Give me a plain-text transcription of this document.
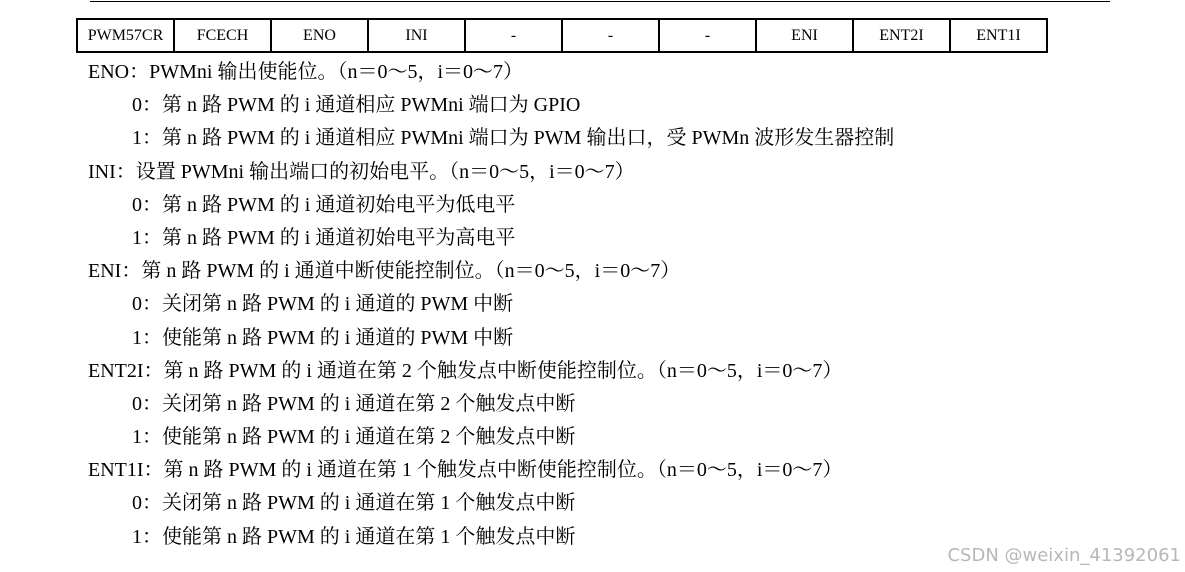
PWM57CR	FCECH	ENO	INI	-	-	-	ENI	ENT2I	ENT1I
ENO：PWMni 输出使能位。（n＝0～5，i＝0～7）
0：第 n 路 PWM 的 i 通道相应 PWMni 端口为 GPIO
1：第 n 路 PWM 的 i 通道相应 PWMni 端口为 PWM 输出口，受 PWMn 波形发生器控制
INI：设置 PWMni 输出端口的初始电平。（n＝0～5，i＝0～7）
0：第 n 路 PWM 的 i 通道初始电平为低电平
1：第 n 路 PWM 的 i 通道初始电平为高电平
ENI：第 n 路 PWM 的 i 通道中断使能控制位。（n＝0～5，i＝0～7）
0：关闭第 n 路 PWM 的 i 通道的 PWM 中断
1：使能第 n 路 PWM 的 i 通道的 PWM 中断
ENT2I：第 n 路 PWM 的 i 通道在第 2 个触发点中断使能控制位。（n＝0～5，i＝0～7）
0：关闭第 n 路 PWM 的 i 通道在第 2 个触发点中断
1：使能第 n 路 PWM 的 i 通道在第 2 个触发点中断
ENT1I：第 n 路 PWM 的 i 通道在第 1 个触发点中断使能控制位。（n＝0～5，i＝0～7）
0：关闭第 n 路 PWM 的 i 通道在第 1 个触发点中断
1：使能第 n 路 PWM 的 i 通道在第 1 个触发点中断
CSDN @weixin_41392061
